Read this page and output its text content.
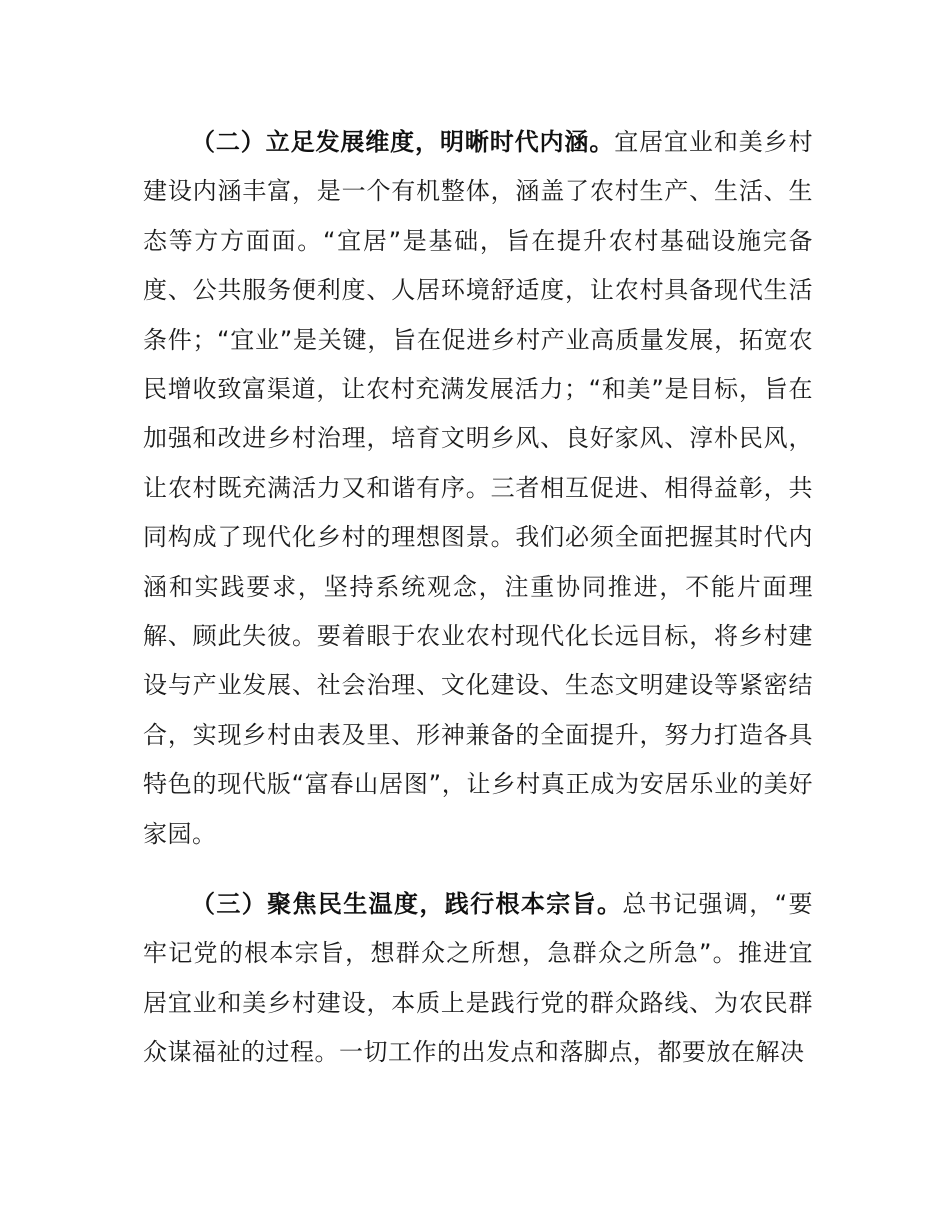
（二）立足发展维度，明晰时代内涵。宜居宜业和美乡村建设内涵丰富，是一个有机整体，涵盖了农村生产、生活、生态等方方面面。“宜居”是基础，旨在提升农村基础设施完备度、公共服务便利度、人居环境舒适度，让农村具备现代生活条件；“宜业”是关键，旨在促进乡村产业高质量发展，拓宽农民增收致富渠道，让农村充满发展活力；“和美”是目标，旨在加强和改进乡村治理，培育文明乡风、良好家风、淳朴民风，让农村既充满活力又和谐有序。三者相互促进、相得益彰，共同构成了现代化乡村的理想图景。我们必须全面把握其时代内涵和实践要求，坚持系统观念，注重协同推进，不能片面理解、顾此失彼。要着眼于农业农村现代化长远目标，将乡村建设与产业发展、社会治理、文化建设、生态文明建设等紧密结合，实现乡村由表及里、形神兼备的全面提升，努力打造各具特色的现代版“富春山居图”，让乡村真正成为安居乐业的美好家园。

（三）聚焦民生温度，践行根本宗旨。总书记强调，“要牢记党的根本宗旨，想群众之所想，急群众之所急”。推进宜居宜业和美乡村建设，本质上是践行党的群众路线、为农民群众谋福祉的过程。一切工作的出发点和落脚点，都要放在解决
